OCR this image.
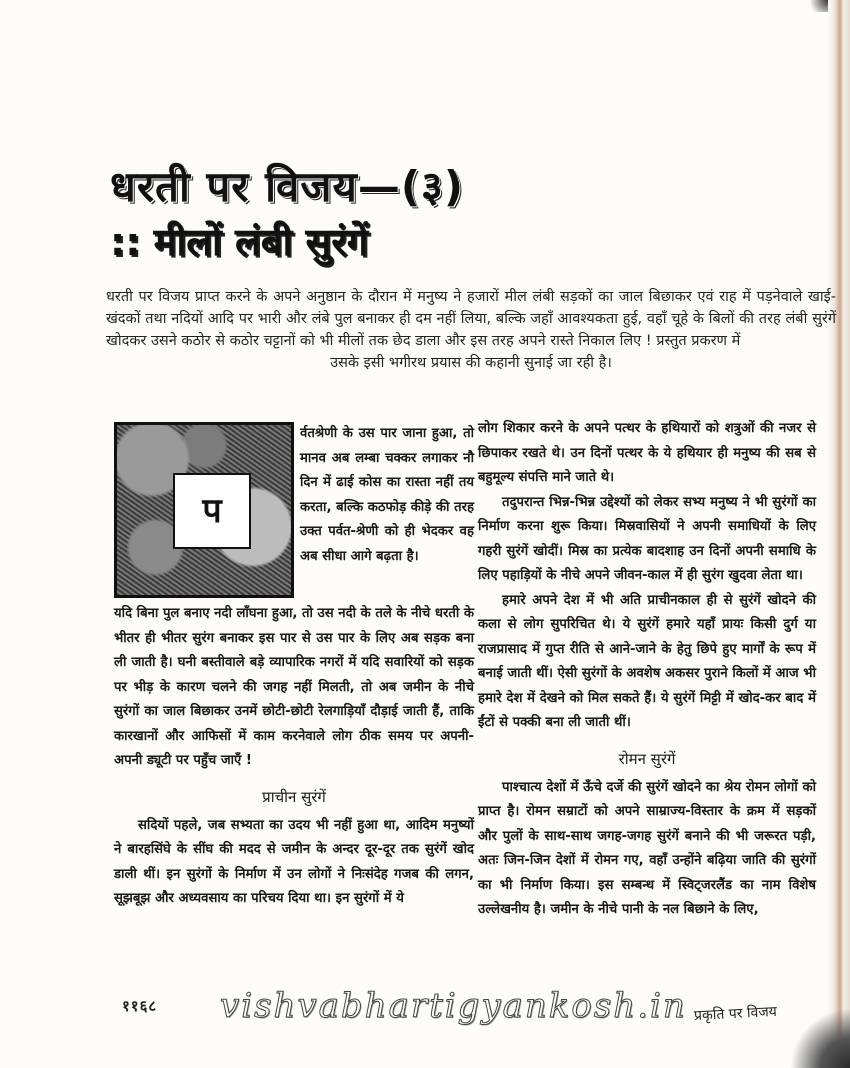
धरती पर विजय—(३)
:: मीलों लंबी सुरंगें
धरती पर विजय प्राप्त करने के अपने अनुष्ठान के दौरान में मनुष्य ने हजारों मील लंबी सड़कों का जाल बिछाकर एवं राह में पड़नेवाले खाई-खंदकों तथा नदियों आदि पर भारी और लंबे पुल बनाकर ही दम नहीं लिया, बल्कि जहाँ आवश्यकता हुई, वहाँ चूहे के बिलों की तरह लंबी सुरंगें खोदकर उसने कठोर से कठोर चट्टानों को भी मीलों तक छेद डाला और इस तरह अपने रास्ते निकाल लिए ! प्रस्तुत प्रकरण में
उसके इसी भगीरथ प्रयास की कहानी सुनाई जा रही है।
प

र्वतश्रेणी के उस पार जाना हुआ, तो मानव अब लम्बा चक्कर लगाकर नौ दिन में ढाई कोस का रास्ता नहीं तय करता, बल्कि कठफोड़ कीड़े की तरह उक्त पर्वत-श्रेणी को ही भेदकर वह अब सीधा आगे बढ़ता है।

यदि बिना पुल बनाए नदी लाँघना हुआ, तो उस नदी के तले के नीचे धरती के भीतर ही भीतर सुरंग बनाकर इस पार से उस पार के लिए अब सड़क बना ली जाती है। घनी बस्तीवाले बड़े व्यापारिक नगरों में यदि सवारियों को सड़क पर भीड़ के कारण चलने की जगह नहीं मिलती, तो अब जमीन के नीचे सुरंगों का जाल बिछाकर उनमें छोटी-छोटी रेलगाड़ियाँ दौड़ाई जाती हैं, ताकि कारखानों और आफिसों में काम करनेवाले लोग ठीक समय पर अपनी-अपनी ड्यूटी पर पहुँच जाएँ !

प्राचीन सुरंगें

सदियों पहले, जब सभ्यता का उदय भी नहीं हुआ था, आदिम मनुष्यों ने बारहसिंघे के सींघ की मदद से जमीन के अन्दर दूर-दूर तक सुरंगें खोद डाली थीं। इन सुरंगों के निर्माण में उन लोगों ने निःसंदेह गजब की लगन, सूझबूझ और अध्यवसाय का परिचय दिया था। इन सुरंगों में ये

लोग शिकार करने के अपने पत्थर के हथियारों को शत्रुओं की नजर से छिपाकर रखते थे। उन दिनों पत्थर के ये हथियार ही मनुष्य की सब से बहुमूल्य संपत्ति माने जाते थे।

तदुपरान्त भिन्न-भिन्न उद्देश्यों को लेकर सभ्य मनुष्य ने भी सुरंगों का निर्माण करना शुरू किया। मिस्रवासियों ने अपनी समाधियों के लिए गहरी सुरंगें खोदीं। मिस्र का प्रत्येक बादशाह उन दिनों अपनी समाधि के लिए पहाड़ियों के नीचे अपने जीवन-काल में ही सुरंग खुदवा लेता था।

हमारे अपने देश में भी अति प्राचीनकाल ही से सुरंगें खोदने की कला से लोग सुपरिचित थे। ये सुरंगें हमारे यहाँ प्रायः किसी दुर्ग या राजप्रासाद में गुप्त रीति से आने-जाने के हेतु छिपे हुए मार्गों के रूप में बनाई जाती थीं। ऐसी सुरंगों के अवशेष अकसर पुराने किलों में आज भी हमारे देश में देखने को मिल सकते हैं। ये सुरंगें मिट्टी में खोद-कर बाद में ईंटों से पक्की बना ली जाती थीं।

रोमन सुरंगें

पाश्चात्य देशों में ऊँचे दर्जे की सुरंगें खोदने का श्रेय रोमन लोगों को प्राप्त है। रोमन सम्राटों को अपने साम्राज्य-विस्तार के क्रम में सड़कों और पुलों के साथ-साथ जगह-जगह सुरंगें बनाने की भी जरूरत पड़ी, अतः जिन-जिन देशों में रोमन गए, वहाँ उन्होंने बढ़िया जाति की सुरंगों का भी निर्माण किया। इस सम्बन्ध में स्विट्जरलैंड का नाम विशेष उल्लेखनीय है। जमीन के नीचे पानी के नल बिछाने के लिए,

११६८ vishvabhartigyankosh.in प्रकृति पर विजय
